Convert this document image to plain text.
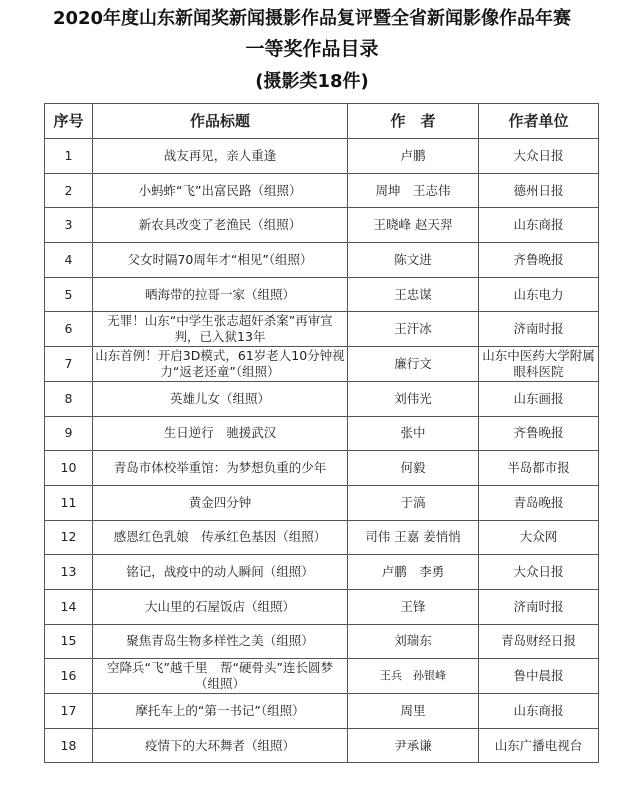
2020年度山东新闻奖新闻摄影作品复评暨全省新闻影像作品年赛
一等奖作品目录
(摄影类18件)
序号	作品标题	作　者	作者单位
1	战友再见，亲人重逢	卢鹏	大众日报
2	小蚂蚱“飞”出富民路（组照）	周坤　王志伟	德州日报
3	新农具改变了老渔民（组照）	王晓峰 赵天羿	山东商报
4	父女时隔70周年才“相见”（组照）	陈文进	齐鲁晚报
5	晒海带的拉哥一家（组照）	王忠谋	山东电力
6	无罪！山东“中学生张志超奸杀案”再审宣判，已入狱13年	王汗冰	济南时报
7	山东首例！开启3D模式，61岁老人10分钟视力“返老还童”（组照）	廉行文	山东中医药大学附属眼科医院
8	英雄儿女（组照）	刘伟光	山东画报
9	生日逆行　驰援武汉	张中	齐鲁晚报
10	青岛市体校举重馆：为梦想负重的少年	何毅	半岛都市报
11	黄金四分钟	于滈	青岛晚报
12	感恩红色乳娘　传承红色基因（组照）	司伟 王嘉 姜悄悄	大众网
13	铭记，战疫中的动人瞬间（组照）	卢鹏　李勇	大众日报
14	大山里的石屋饭店（组照）	王锋	济南时报
15	聚焦青岛生物多样性之美（组照）	刘瑞东	青岛财经日报
16	空降兵“飞”越千里　帮“硬骨头”连长圆梦（组照）	王兵　孙银峰	鲁中晨报
17	摩托车上的“第一书记”（组照）	周里	山东商报
18	疫情下的大环舞者（组照）	尹承谦	山东广播电视台
